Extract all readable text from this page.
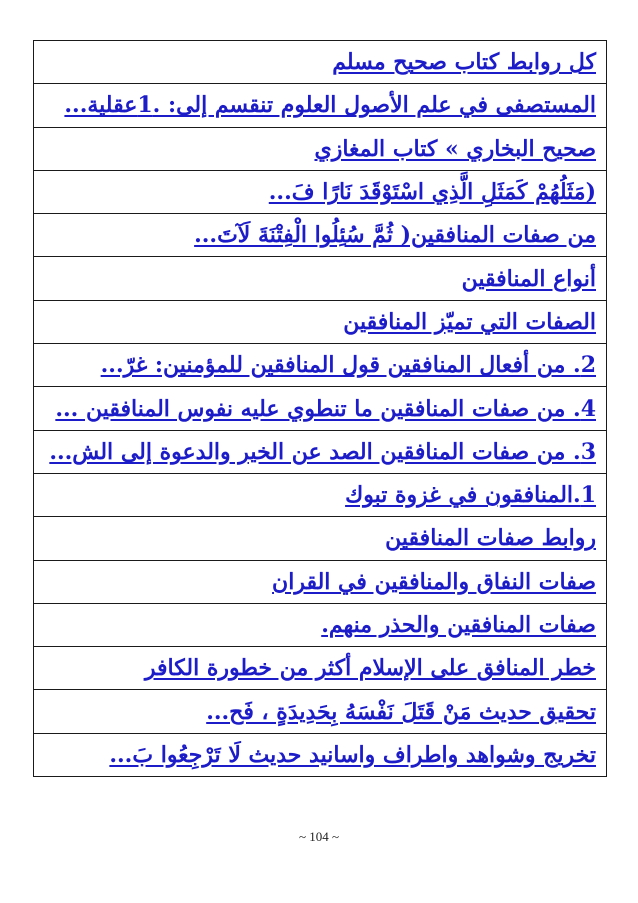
كل روابط كتاب صحيح مسلم
المستصفى في علم الأصول العلوم تنقسم إلى: .1عقلية...
صحيح البخاري » كتاب المغازي
(مَثَلُهُمْ كَمَثَلِ الَّذِي اسْتَوْقَدَ نَارًا فَ...
من صفات المنافقين( ثُمَّ سُئِلُوا الْفِتْنَةَ لَآتَ...
أنواع المنافقين
الصفات التي تميّز المنافقين
2. من أفعال المنافقين قول المنافقين للمؤمنين: غرّ...
4. من صفات المنافقين ما تنطوي عليه نفوس المنافقين ...
3. من صفات المنافقين الصد عن الخير والدعوة إلى الش...
1.المنافقون في غزوة تبوك
روابط صفات المنافقين
صفات النفاق والمنافقين في القران
صفات المنافقين والحذر منهم.
خطر المنافق على الإسلام أكثر من خطورة الكافر
تحقيق حديث مَنْ قَتَلَ نَفْسَهُ بِحَدِيدَةٍ ، فَح...
تخريج وشواهد واطراف واسانيد حديث لَا تَرْجِعُوا بَ...
~ 104 ~
